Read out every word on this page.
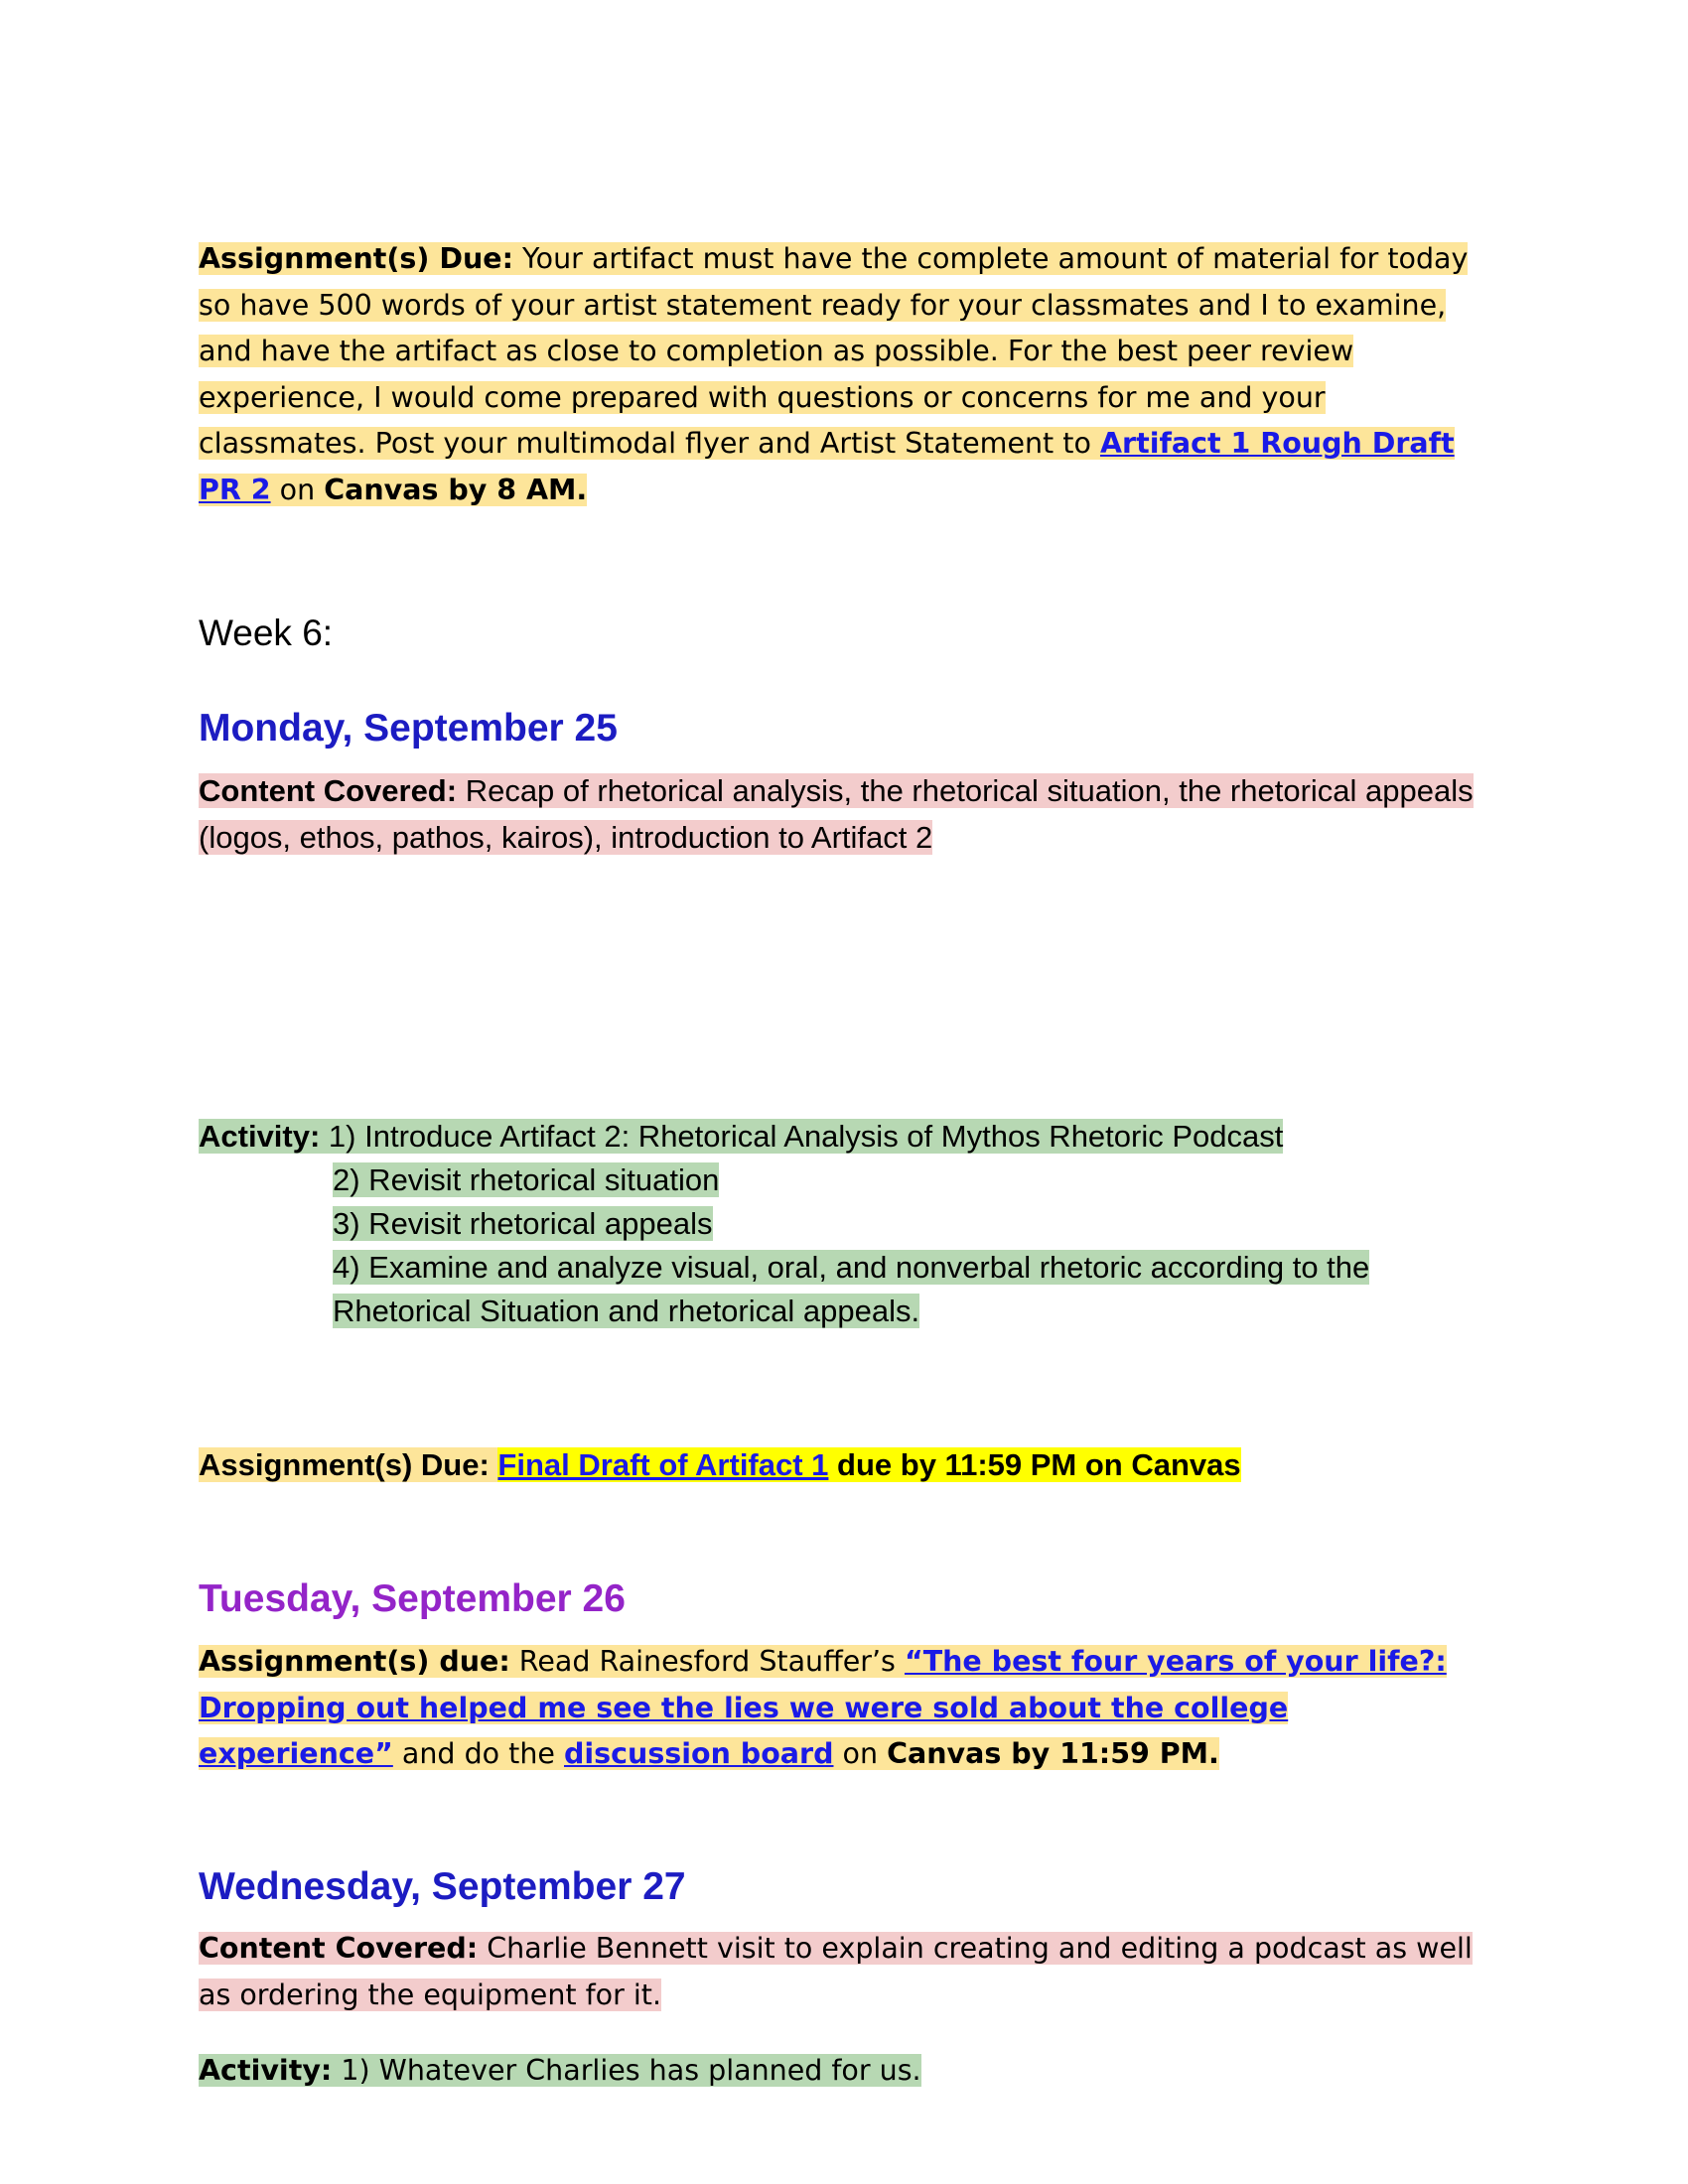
Assignment(s) Due: Your artifact must have the complete amount of material for today so have 500 words of your artist statement ready for your classmates and I to examine, and have the artifact as close to completion as possible. For the best peer review experience, I would come prepared with questions or concerns for me and your classmates. Post your multimodal flyer and Artist Statement to Artifact 1 Rough Draft PR 2 on Canvas by 8 AM.

Week 6:
Monday, September 25

Content Covered: Recap of rhetorical analysis, the rhetorical situation, the rhetorical appeals (logos, ethos, pathos, kairos), introduction to Artifact 2

Activity: 1) Introduce Artifact 2: Rhetorical Analysis of Mythos Rhetoric Podcast

2) Revisit rhetorical situation

3) Revisit rhetorical appeals

4) Examine and analyze visual, oral, and nonverbal rhetoric according to the

Rhetorical Situation and rhetorical appeals.

Assignment(s) Due: Final Draft of Artifact 1 due by 11:59 PM on Canvas

Tuesday, September 26

Assignment(s) due: Read Rainesford Stauffer’s “The best four years of your life?: Dropping out helped me see the lies we were sold about the college experience” and do the discussion board on Canvas by 11:59 PM.

Wednesday, September 27

Content Covered: Charlie Bennett visit to explain creating and editing a podcast as well as ordering the equipment for it.

Activity: 1) Whatever Charlies has planned for us.
